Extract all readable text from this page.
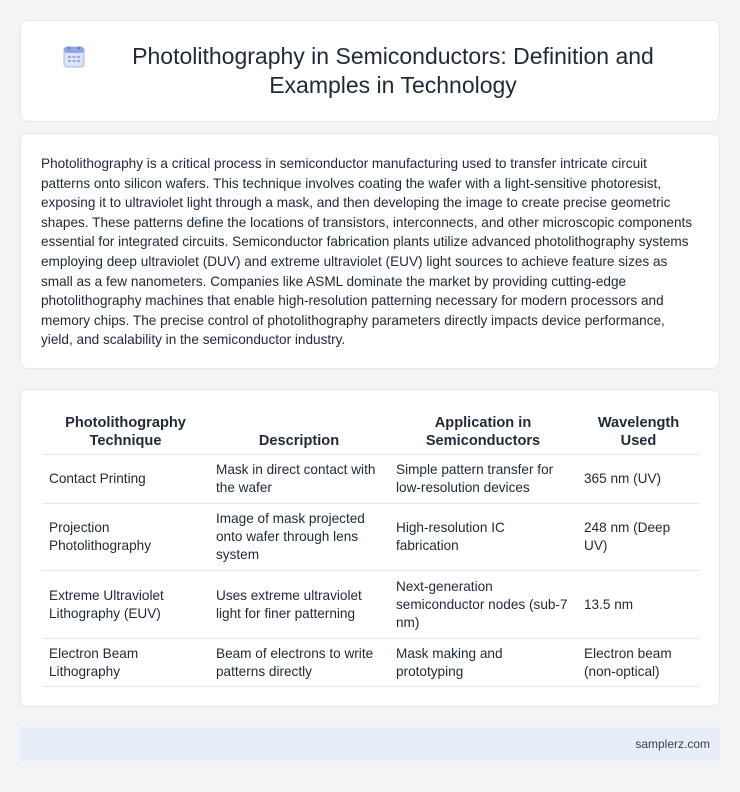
Photolithography in Semiconductors: Definition and Examples in Technology

Photolithography is a critical process in semiconductor manufacturing used to transfer intricate circuit patterns onto silicon wafers. This technique involves coating the wafer with a light-sensitive photoresist, exposing it to ultraviolet light through a mask, and then developing the image to create precise geometric shapes. These patterns define the locations of transistors, interconnects, and other microscopic components essential for integrated circuits. Semiconductor fabrication plants utilize advanced photolithography systems employing deep ultraviolet (DUV) and extreme ultraviolet (EUV) light sources to achieve feature sizes as small as a few nanometers. Companies like ASML dominate the market by providing cutting-edge photolithography machines that enable high-resolution patterning necessary for modern processors and memory chips. The precise control of photolithography parameters directly impacts device performance, yield, and scalability in the semiconductor industry.

Photolithography Technique	Description	Application in Semiconductors	Wavelength Used
Contact Printing	Mask in direct contact with the wafer	Simple pattern transfer for low-resolution devices	365 nm (UV)
Projection Photolithography	Image of mask projected onto wafer through lens system	High-resolution IC fabrication	248 nm (Deep UV)
Extreme Ultraviolet Lithography (EUV)	Uses extreme ultraviolet light for finer patterning	Next-generation semiconductor nodes (sub-7 nm)	13.5 nm
Electron Beam Lithography	Beam of electrons to write patterns directly	Mask making and prototyping	Electron beam (non-optical)
samplerz.com
